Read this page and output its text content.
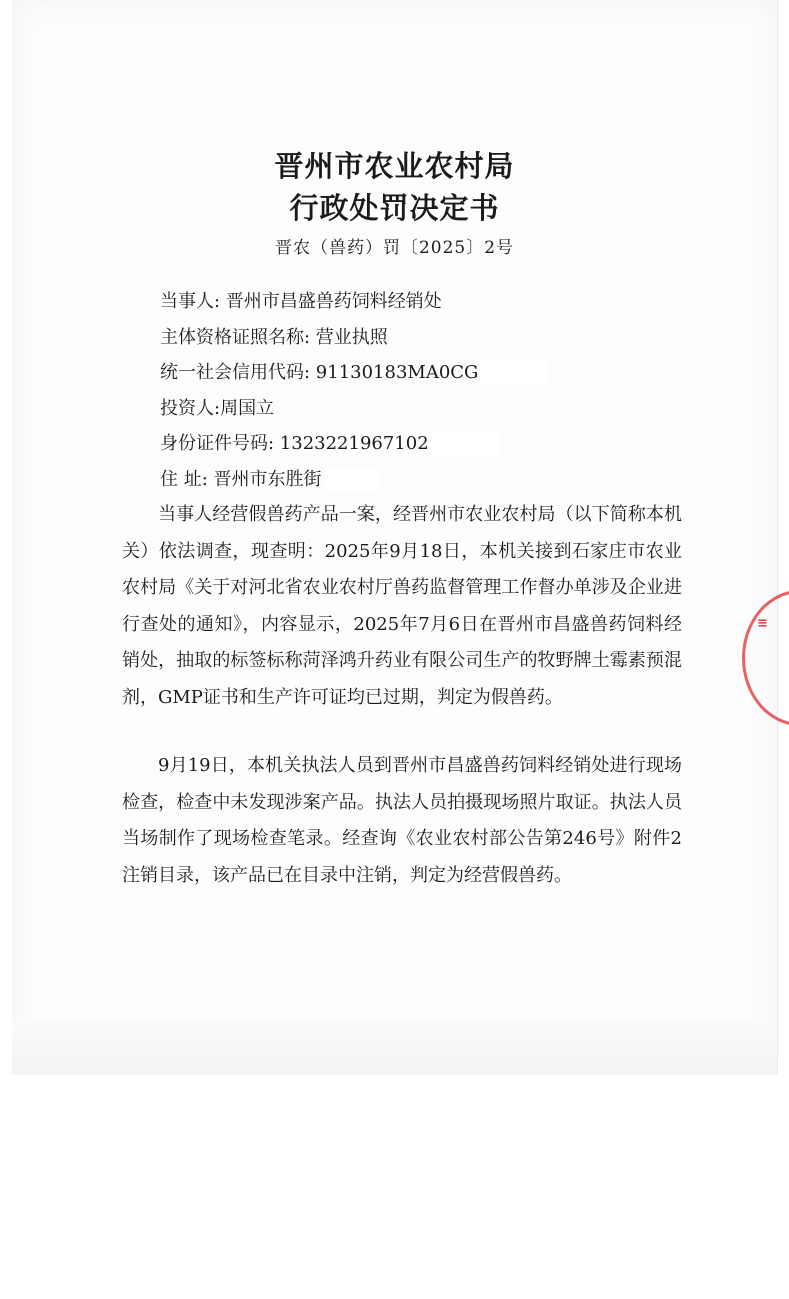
晋州市农业农村局
行政处罚决定书
晋农（兽药）罚〔2025〕2号
当事人: 晋州市昌盛兽药饲料经销处
主体资格证照名称: 营业执照
统一社会信用代码: 91130183MA0CG
投资人:周国立
身份证件号码: 1323221967102
住 址: 晋州市东胜街

当事人经营假兽药产品一案，经晋州市农业农村局（以下简称本机关）依法调查，现查明：2025年9月18日，本机关接到石家庄市农业农村局《关于对河北省农业农村厅兽药监督管理工作督办单涉及企业进行查处的通知》，内容显示，2025年7月6日在晋州市昌盛兽药饲料经销处，抽取的标签标称菏泽鸿升药业有限公司生产的牧野牌土霉素预混剂，GMP证书和生产许可证均已过期，判定为假兽药。

9月19日，本机关执法人员到晋州市昌盛兽药饲料经销处进行现场检查，检查中未发现涉案产品。执法人员拍摄现场照片取证。执法人员当场制作了现场检查笔录。经查询《农业农村部公告第246号》附件2注销目录，该产品已在目录中注销，判定为经营假兽药。

≡
